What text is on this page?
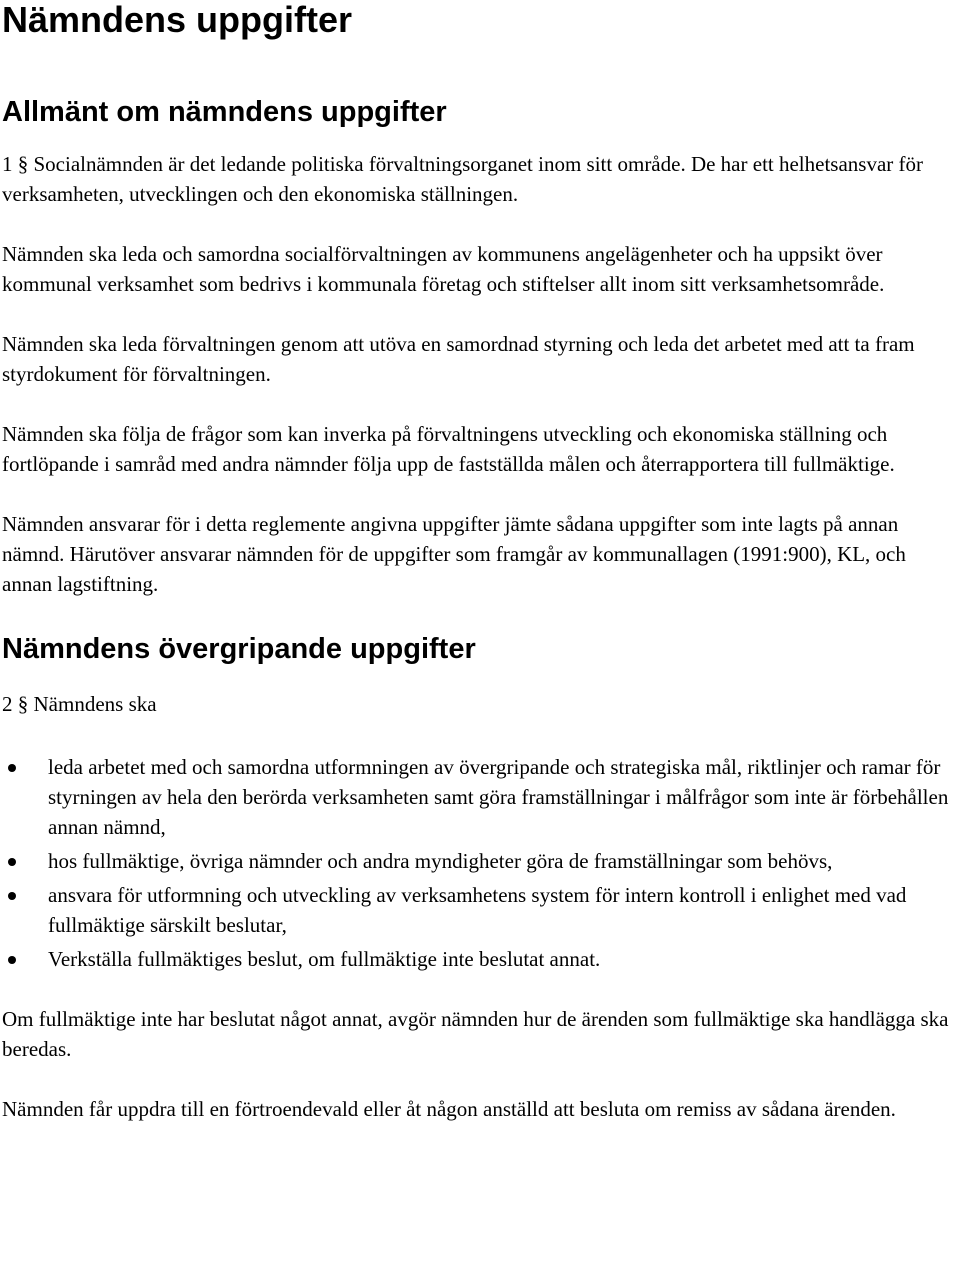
Nämndens uppgifter
Allmänt om nämndens uppgifter

1 § Socialnämnden är det ledande politiska förvaltningsorganet inom sitt område. De har ett helhetsansvar för verksamheten, utvecklingen och den ekonomiska ställningen.

Nämnden ska leda och samordna socialförvaltningen av kommunens angelägenheter och ha uppsikt över kommunal verksamhet som bedrivs i kommunala företag och stiftelser allt inom sitt verksamhetsområde.

Nämnden ska leda förvaltningen genom att utöva en samordnad styrning och leda det arbetet med att ta fram styrdokument för förvaltningen.

Nämnden ska följa de frågor som kan inverka på förvaltningens utveckling och ekonomiska ställning och fortlöpande i samråd med andra nämnder följa upp de fastställda målen och återrapportera till fullmäktige.

Nämnden ansvarar för i detta reglemente angivna uppgifter jämte sådana uppgifter som inte lagts på annan nämnd. Härutöver ansvarar nämnden för de uppgifter som framgår av kommunallagen (1991:900), KL, och annan lagstiftning.

Nämndens övergripande uppgifter

2 § Nämndens ska

leda arbetet med och samordna utformningen av övergripande och strategiska mål, riktlinjer och ramar för styrningen av hela den berörda verksamheten samt göra framställningar i målfrågor som inte är förbehållen annan nämnd,
hos fullmäktige, övriga nämnder och andra myndigheter göra de framställningar som behövs,
ansvara för utformning och utveckling av verksamhetens system för intern kontroll i enlighet med vad fullmäktige särskilt beslutar,
Verkställa fullmäktiges beslut, om fullmäktige inte beslutat annat.

Om fullmäktige inte har beslutat något annat, avgör nämnden hur de ärenden som fullmäktige ska handlägga ska beredas.

Nämnden får uppdra till en förtroendevald eller åt någon anställd att besluta om remiss av sådana ärenden.
